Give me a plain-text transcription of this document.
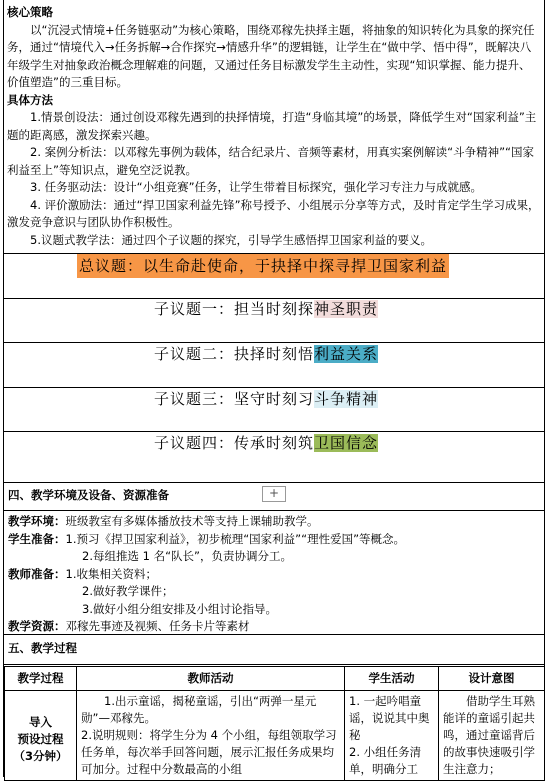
核心策略

以“沉浸式情境+任务链驱动”为核心策略，围绕邓稼先抉择主题，将抽象的知识转化为具象的探究任务，通过“情境代入→任务拆解→合作探究→情感升华”的逻辑链，让学生在“做中学、悟中得”，既解决八年级学生对抽象政治概念理解难的问题，又通过任务目标激发学生主动性，实现“知识掌握、能力提升、价值塑造”的三重目标。

具体方法

1.情景创设法：通过创设邓稼先遇到的抉择情境，打造“身临其境”的场景，降低学生对“国家利益”主题的距离感，激发探索兴趣。

2. 案例分析法：以邓稼先事例为载体，结合纪录片、音频等素材，用真实案例解读“斗争精神”“国家利益至上”等知识点，避免空泛说教。

3. 任务驱动法：设计“小组竞赛”任务，让学生带着目标探究，强化学习专注力与成就感。

4. 评价激励法：通过“捍卫国家利益先锋”称号授予、小组展示分享等方式，及时肯定学生学习成果，激发竞争意识与团队协作积极性。

5.议题式教学法：通过四个子议题的探究，引导学生感悟捍卫国家利益的要义。

总议题：以生命赴使命，于抉择中探寻捍卫国家利益
子议题一：担当时刻探神圣职责
子议题二：抉择时刻悟利益关系
子议题三：坚守时刻习斗争精神
子议题四：传承时刻筑卫国信念

四、教学环境及设备、资源准备	+

教学环境：班级教室有多媒体播放技术等支持上课辅助教学。

学生准备：1.预习《捍卫国家利益》，初步梳理“国家利益”“理性爱国”等概念。

2.每组推选 1 名“队长”，负责协调分工。

教师准备：1.收集相关资料；

2.做好教学课件；

3.做好小组分组安排及小组讨论指导。

教学资源：邓稼先事迹及视频、任务卡片等素材

五、教学过程

教学过程	教师活动	学生活动	设计意图
导入
预设过程
（3分钟）	1.出示童谣，揭秘童谣，引出“两弹一星元勋”—邓稼先。
2.说明规则：将学生分为 4 个小组，每组领取学习任务单，每次举手回答问题，展示汇报任务成果均可加分。过程中分数最高的小组	1. 一起吟唱童谣，说说其中奥秘
2. 小组任务清单，明确分工	借助学生耳熟能详的童谣引起共鸣，通过童谣背后的故事快速吸引学生注意力；
